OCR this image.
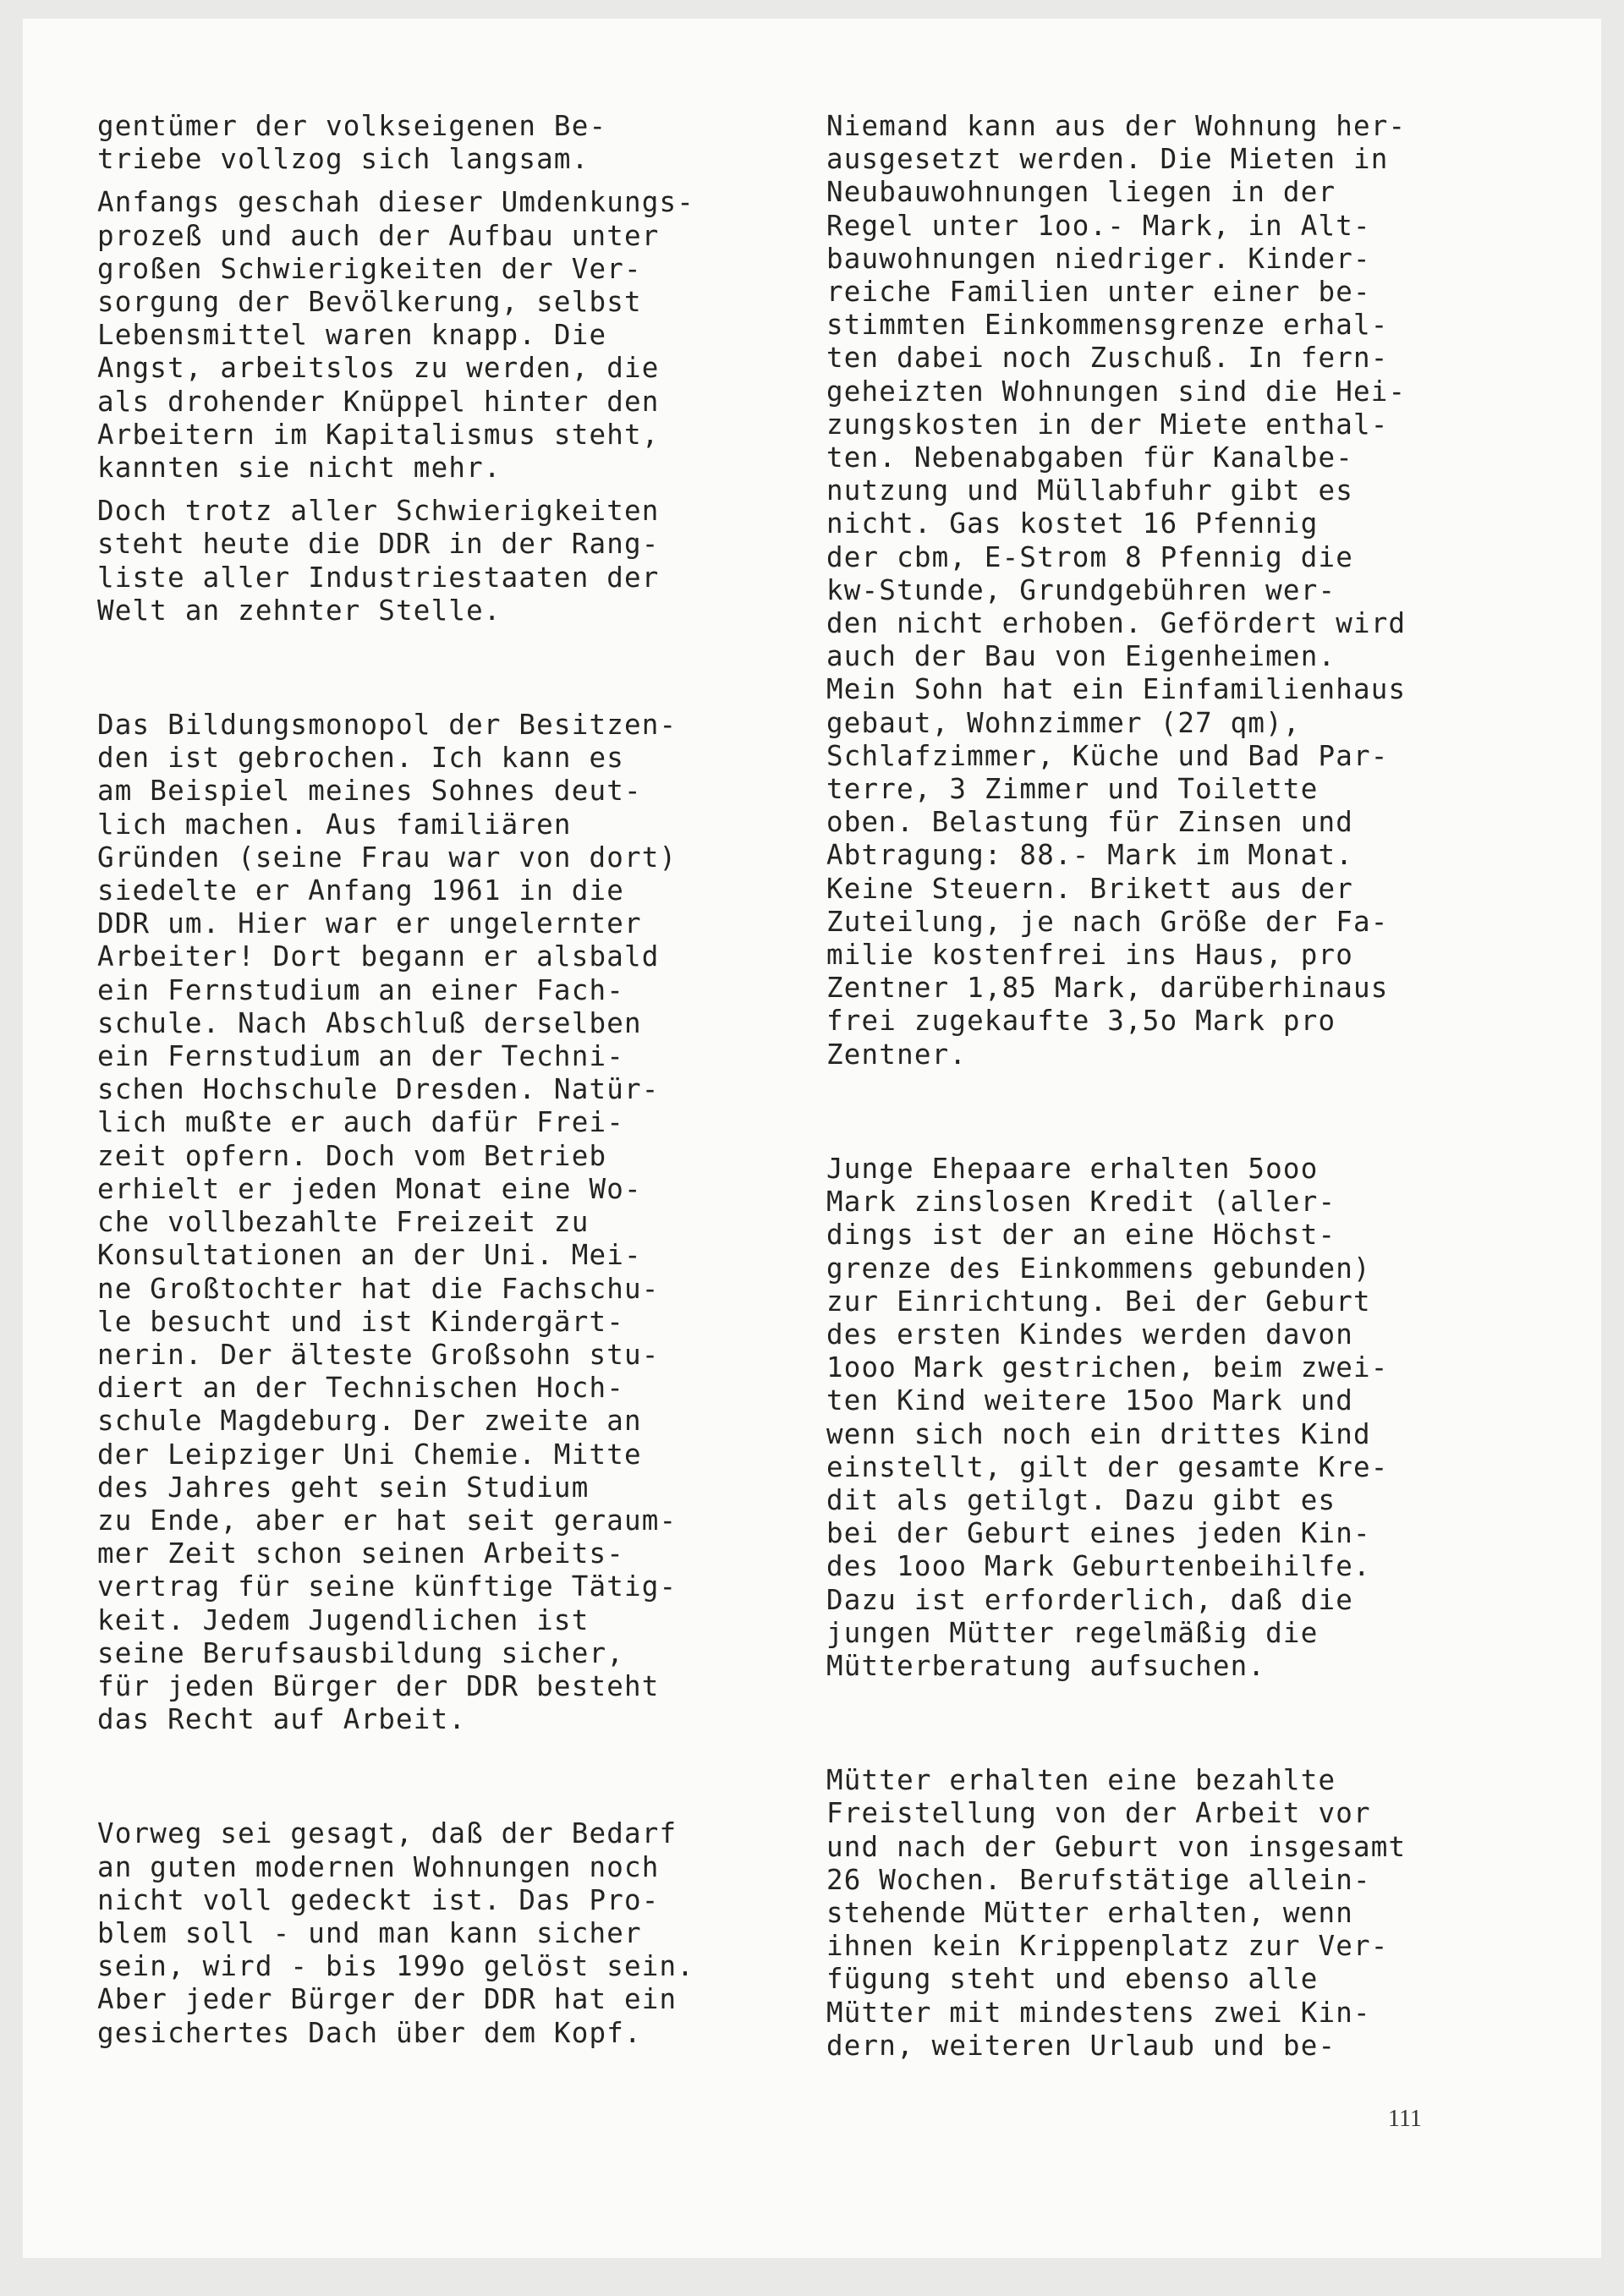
gentümer der volkseigenen Be-
triebe vollzog sich langsam.
Anfangs geschah dieser Umdenkungs-
prozeß und auch der Aufbau unter
großen Schwierigkeiten der Ver-
sorgung der Bevölkerung, selbst
Lebensmittel waren knapp. Die
Angst, arbeitslos zu werden, die
als drohender Knüppel hinter den
Arbeitern im Kapitalismus steht,
kannten sie nicht mehr.
Doch trotz aller Schwierigkeiten
steht heute die DDR in der Rang-
liste aller Industriestaaten der
Welt an zehnter Stelle.
Das Bildungsmonopol der Besitzen-
den ist gebrochen. Ich kann es
am Beispiel meines Sohnes deut-
lich machen. Aus familiären
Gründen (seine Frau war von dort)
siedelte er Anfang 1961 in die
DDR um. Hier war er ungelernter
Arbeiter! Dort begann er alsbald
ein Fernstudium an einer Fach-
schule. Nach Abschluß derselben
ein Fernstudium an der Techni-
schen Hochschule Dresden. Natür-
lich mußte er auch dafür Frei-
zeit opfern. Doch vom Betrieb
erhielt er jeden Monat eine Wo-
che vollbezahlte Freizeit zu
Konsultationen an der Uni. Mei-
ne Großtochter hat die Fachschu-
le besucht und ist Kindergärt-
nerin. Der älteste Großsohn stu-
diert an der Technischen Hoch-
schule Magdeburg. Der zweite an
der Leipziger Uni Chemie. Mitte
des Jahres geht sein Studium
zu Ende, aber er hat seit geraum-
mer Zeit schon seinen Arbeits-
vertrag für seine künftige Tätig-
keit. Jedem Jugendlichen ist
seine Berufsausbildung sicher,
für jeden Bürger der DDR besteht
das Recht auf Arbeit.
Vorweg sei gesagt, daß der Bedarf
an guten modernen Wohnungen noch
nicht voll gedeckt ist. Das Pro-
blem soll - und man kann sicher
sein, wird - bis 199o gelöst sein.
Aber jeder Bürger der DDR hat ein
gesichertes Dach über dem Kopf.
Niemand kann aus der Wohnung her-
ausgesetzt werden. Die Mieten in
Neubauwohnungen liegen in der
Regel unter 1oo.- Mark, in Alt-
bauwohnungen niedriger. Kinder-
reiche Familien unter einer be-
stimmten Einkommensgrenze erhal-
ten dabei noch Zuschuß. In fern-
geheizten Wohnungen sind die Hei-
zungskosten in der Miete enthal-
ten. Nebenabgaben für Kanalbe-
nutzung und Müllabfuhr gibt es
nicht. Gas kostet 16 Pfennig
der cbm, E-Strom 8 Pfennig die
kw-Stunde, Grundgebühren wer-
den nicht erhoben. Gefördert wird
auch der Bau von Eigenheimen.
Mein Sohn hat ein Einfamilienhaus
gebaut, Wohnzimmer (27 qm),
Schlafzimmer, Küche und Bad Par-
terre, 3 Zimmer und Toilette
oben. Belastung für Zinsen und
Abtragung: 88.- Mark im Monat.
Keine Steuern. Brikett aus der
Zuteilung, je nach Größe der Fa-
milie kostenfrei ins Haus, pro
Zentner 1,85 Mark, darüberhinaus
frei zugekaufte 3,5o Mark pro
Zentner.
Junge Ehepaare erhalten 5ooo
Mark zinslosen Kredit (aller-
dings ist der an eine Höchst-
grenze des Einkommens gebunden)
zur Einrichtung. Bei der Geburt
des ersten Kindes werden davon
1ooo Mark gestrichen, beim zwei-
ten Kind weitere 15oo Mark und
wenn sich noch ein drittes Kind
einstellt, gilt der gesamte Kre-
dit als getilgt. Dazu gibt es
bei der Geburt eines jeden Kin-
des 1ooo Mark Geburtenbeihilfe.
Dazu ist erforderlich, daß die
jungen Mütter regelmäßig die
Mütterberatung aufsuchen.
Mütter erhalten eine bezahlte
Freistellung von der Arbeit vor
und nach der Geburt von insgesamt
26 Wochen. Berufstätige allein-
stehende Mütter erhalten, wenn
ihnen kein Krippenplatz zur Ver-
fügung steht und ebenso alle
Mütter mit mindestens zwei Kin-
dern, weiteren Urlaub und be-
111
